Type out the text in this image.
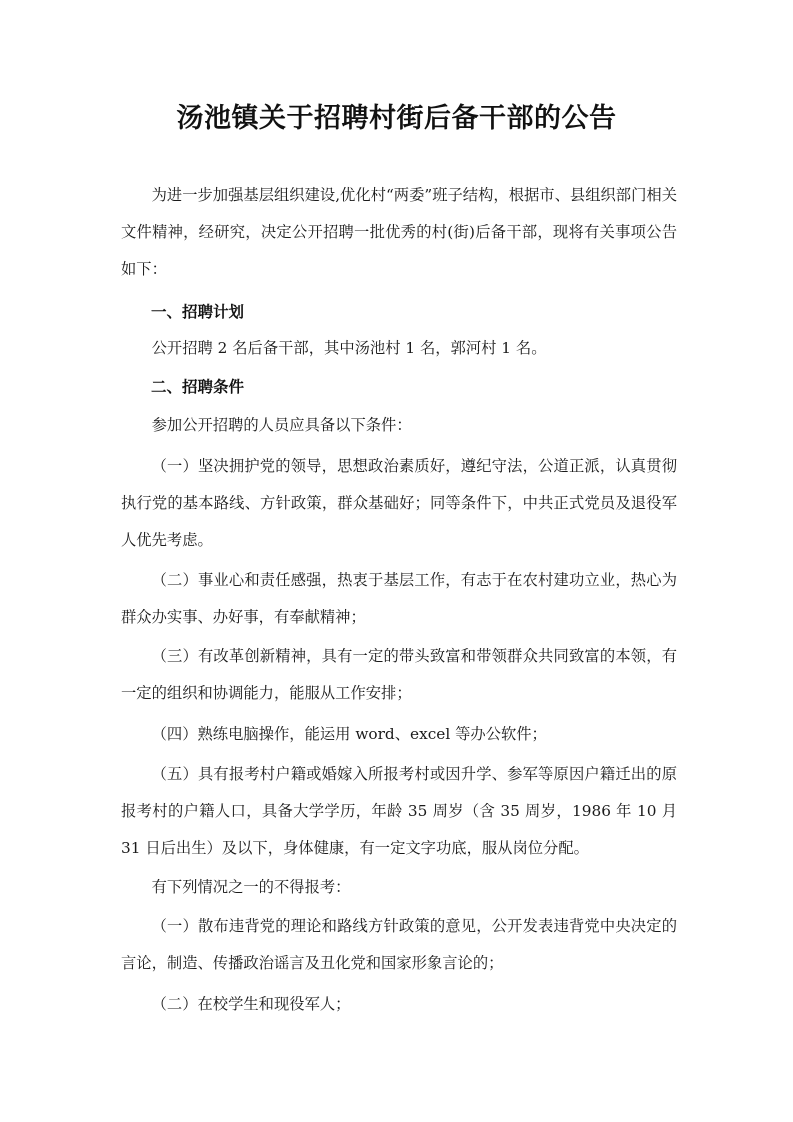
汤池镇关于招聘村街后备干部的公告

为进一步加强基层组织建设,优化村“两委”班子结构，根据市、县组织部门相关文件精神，经研究，决定公开招聘一批优秀的村(街)后备干部，现将有关事项公告如下：

一、招聘计划

公开招聘 2 名后备干部，其中汤池村 1 名，郭河村 1 名。

二、招聘条件

参加公开招聘的人员应具备以下条件：

（一）坚决拥护党的领导，思想政治素质好，遵纪守法，公道正派，认真贯彻执行党的基本路线、方针政策，群众基础好；同等条件下，中共正式党员及退役军人优先考虑。

（二）事业心和责任感强，热衷于基层工作，有志于在农村建功立业，热心为群众办实事、办好事，有奉献精神；

（三）有改革创新精神，具有一定的带头致富和带领群众共同致富的本领，有一定的组织和协调能力，能服从工作安排；

（四）熟练电脑操作，能运用 word、excel 等办公软件；

（五）具有报考村户籍或婚嫁入所报考村或因升学、参军等原因户籍迁出的原报考村的户籍人口，具备大学学历，年龄 35 周岁（含 35 周岁，1986 年 10 月 31 日后出生）及以下，身体健康，有一定文字功底，服从岗位分配。

有下列情况之一的不得报考：

（一）散布违背党的理论和路线方针政策的意见，公开发表违背党中央决定的言论，制造、传播政治谣言及丑化党和国家形象言论的；

（二）在校学生和现役军人；
